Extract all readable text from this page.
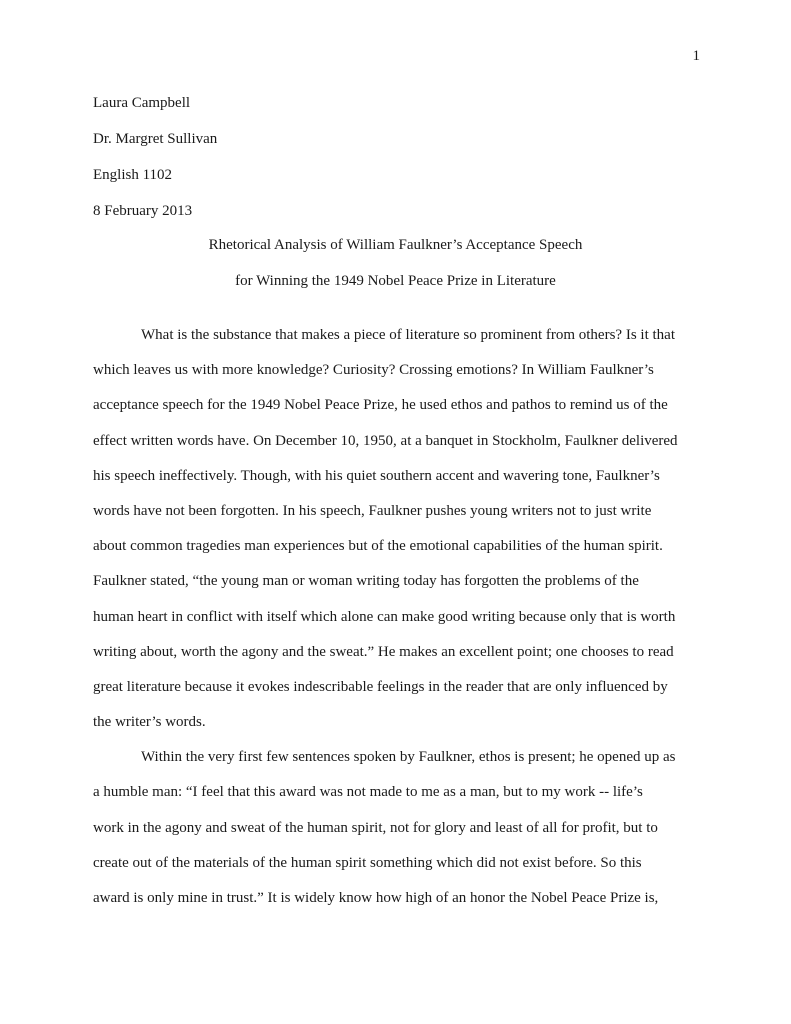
1
Laura Campbell
Dr. Margret Sullivan
English 1102
8 February 2013
Rhetorical Analysis of William Faulkner’s Acceptance Speech
for Winning the 1949 Nobel Peace Prize in Literature
What is the substance that makes a piece of literature so prominent from others? Is it that
which leaves us with more knowledge? Curiosity? Crossing emotions? In William Faulkner’s
acceptance speech for the 1949 Nobel Peace Prize, he used ethos and pathos to remind us of the
effect written words have. On December 10, 1950, at a banquet in Stockholm, Faulkner delivered
his speech ineffectively. Though, with his quiet southern accent and wavering tone, Faulkner’s
words have not been forgotten. In his speech, Faulkner pushes young writers not to just write
about common tragedies man experiences but of the emotional capabilities of the human spirit.
Faulkner stated, “the young man or woman writing today has forgotten the problems of the
human heart in conflict with itself which alone can make good writing because only that is worth
writing about, worth the agony and the sweat.” He makes an excellent point; one chooses to read
great literature because it evokes indescribable feelings in the reader that are only influenced by
the writer’s words.
Within the very first few sentences spoken by Faulkner, ethos is present; he opened up as
a humble man: “I feel that this award was not made to me as a man, but to my work -- life’s
work in the agony and sweat of the human spirit, not for glory and least of all for profit, but to
create out of the materials of the human spirit something which did not exist before. So this
award is only mine in trust.” It is widely know how high of an honor the Nobel Peace Prize is,
